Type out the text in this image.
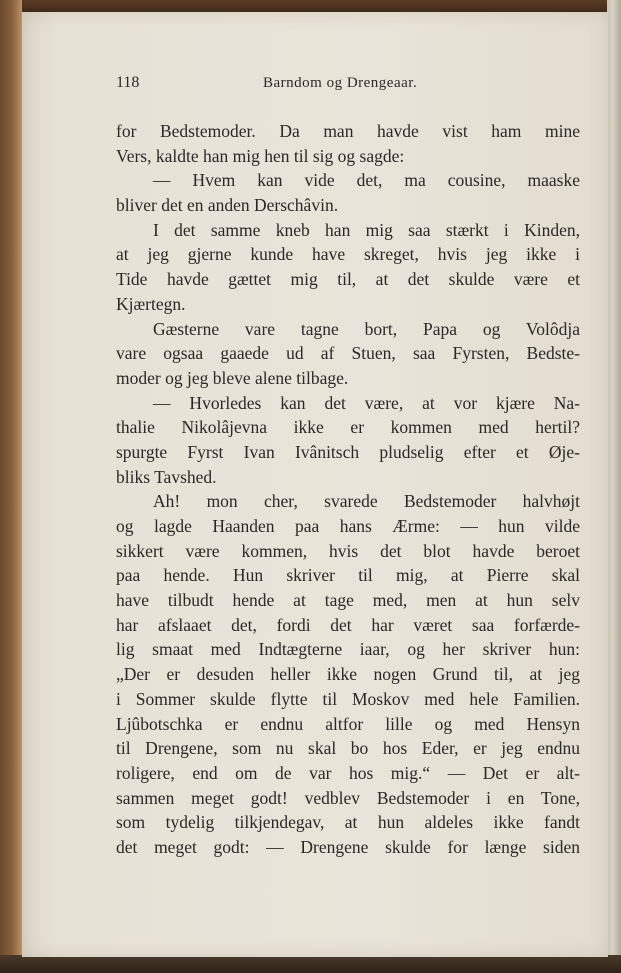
118	Barndom og Drengeaar.
for Bedstemoder. Da man havde vist ham mine
Vers, kaldte han mig hen til sig og sagde:
— Hvem kan vide det, ma cousine, maaske
bliver det en anden Derschâvin.
I det samme kneb han mig saa stærkt i Kinden,
at jeg gjerne kunde have skreget, hvis jeg ikke i
Tide havde gættet mig til, at det skulde være et
Kjærtegn.
Gæsterne vare tagne bort, Papa og Volôdja
vare ogsaa gaaede ud af Stuen, saa Fyrsten, Bedste-
moder og jeg bleve alene tilbage.
— Hvorledes kan det være, at vor kjære Na-
thalie Nikolâjevna ikke er kommen med hertil?
spurgte Fyrst Ivan Ivânitsch pludselig efter et Øje-
bliks Tavshed.
Ah! mon cher, svarede Bedstemoder halvhøjt
og lagde Haanden paa hans Ærme: — hun vilde
sikkert være kommen, hvis det blot havde beroet
paa hende. Hun skriver til mig, at Pierre skal
have tilbudt hende at tage med, men at hun selv
har afslaaet det, fordi det har været saa forfærde-
lig smaat med Indtægterne iaar, og her skriver hun:
„Der er desuden heller ikke nogen Grund til, at jeg
i Sommer skulde flytte til Moskov med hele Familien.
Ljûbotschka er endnu altfor lille og med Hensyn
til Drengene, som nu skal bo hos Eder, er jeg endnu
roligere, end om de var hos mig.“ — Det er alt-
sammen meget godt! vedblev Bedstemoder i en Tone,
som tydelig tilkjendegav, at hun aldeles ikke fandt
det meget godt: — Drengene skulde for længe siden
